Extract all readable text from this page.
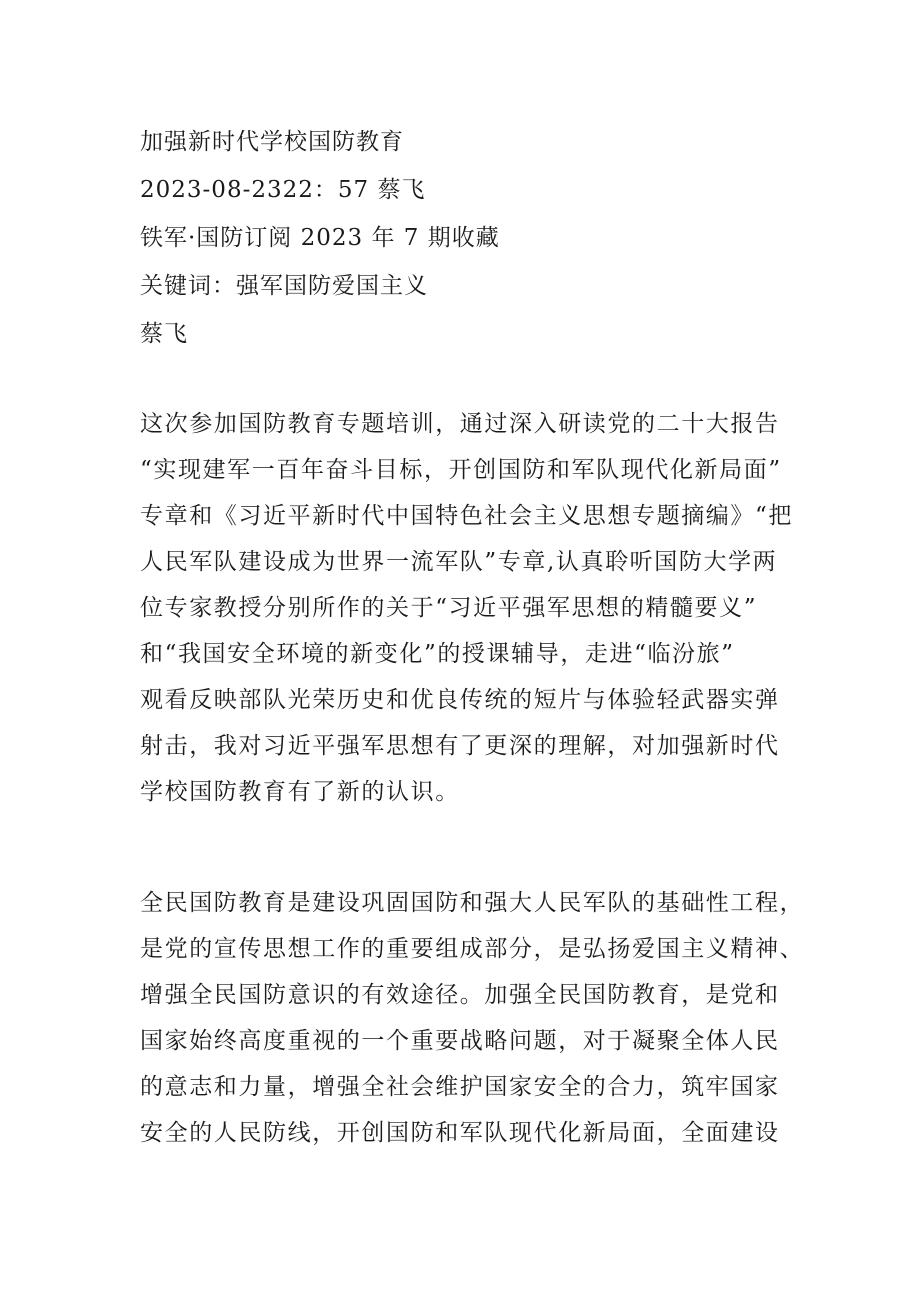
加强新时代学校国防教育
2023-08-2322：57 蔡飞
铁军·国防订阅 2023 年 7 期收藏
关键词：强军国防爱国主义
蔡飞
这次参加国防教育专题培训，通过深入研读党的二十大报告
“实现建军一百年奋斗目标，开创国防和军队现代化新局面”
专章和《习近平新时代中国特色社会主义思想专题摘编》“把
人民军队建设成为世界一流军队”专章,认真聆听国防大学两
位专家教授分别所作的关于“习近平强军思想的精髓要义”
和“我国安全环境的新变化”的授课辅导，走进“临汾旅”
观看反映部队光荣历史和优良传统的短片与体验轻武器实弹
射击，我对习近平强军思想有了更深的理解，对加强新时代
学校国防教育有了新的认识。
全民国防教育是建设巩固国防和强大人民军队的基础性工程，
是党的宣传思想工作的重要组成部分，是弘扬爱国主义精神、
增强全民国防意识的有效途径。加强全民国防教育，是党和
国家始终高度重视的一个重要战略问题，对于凝聚全体人民
的意志和力量，增强全社会维护国家安全的合力，筑牢国家
安全的人民防线，开创国防和军队现代化新局面，全面建设
